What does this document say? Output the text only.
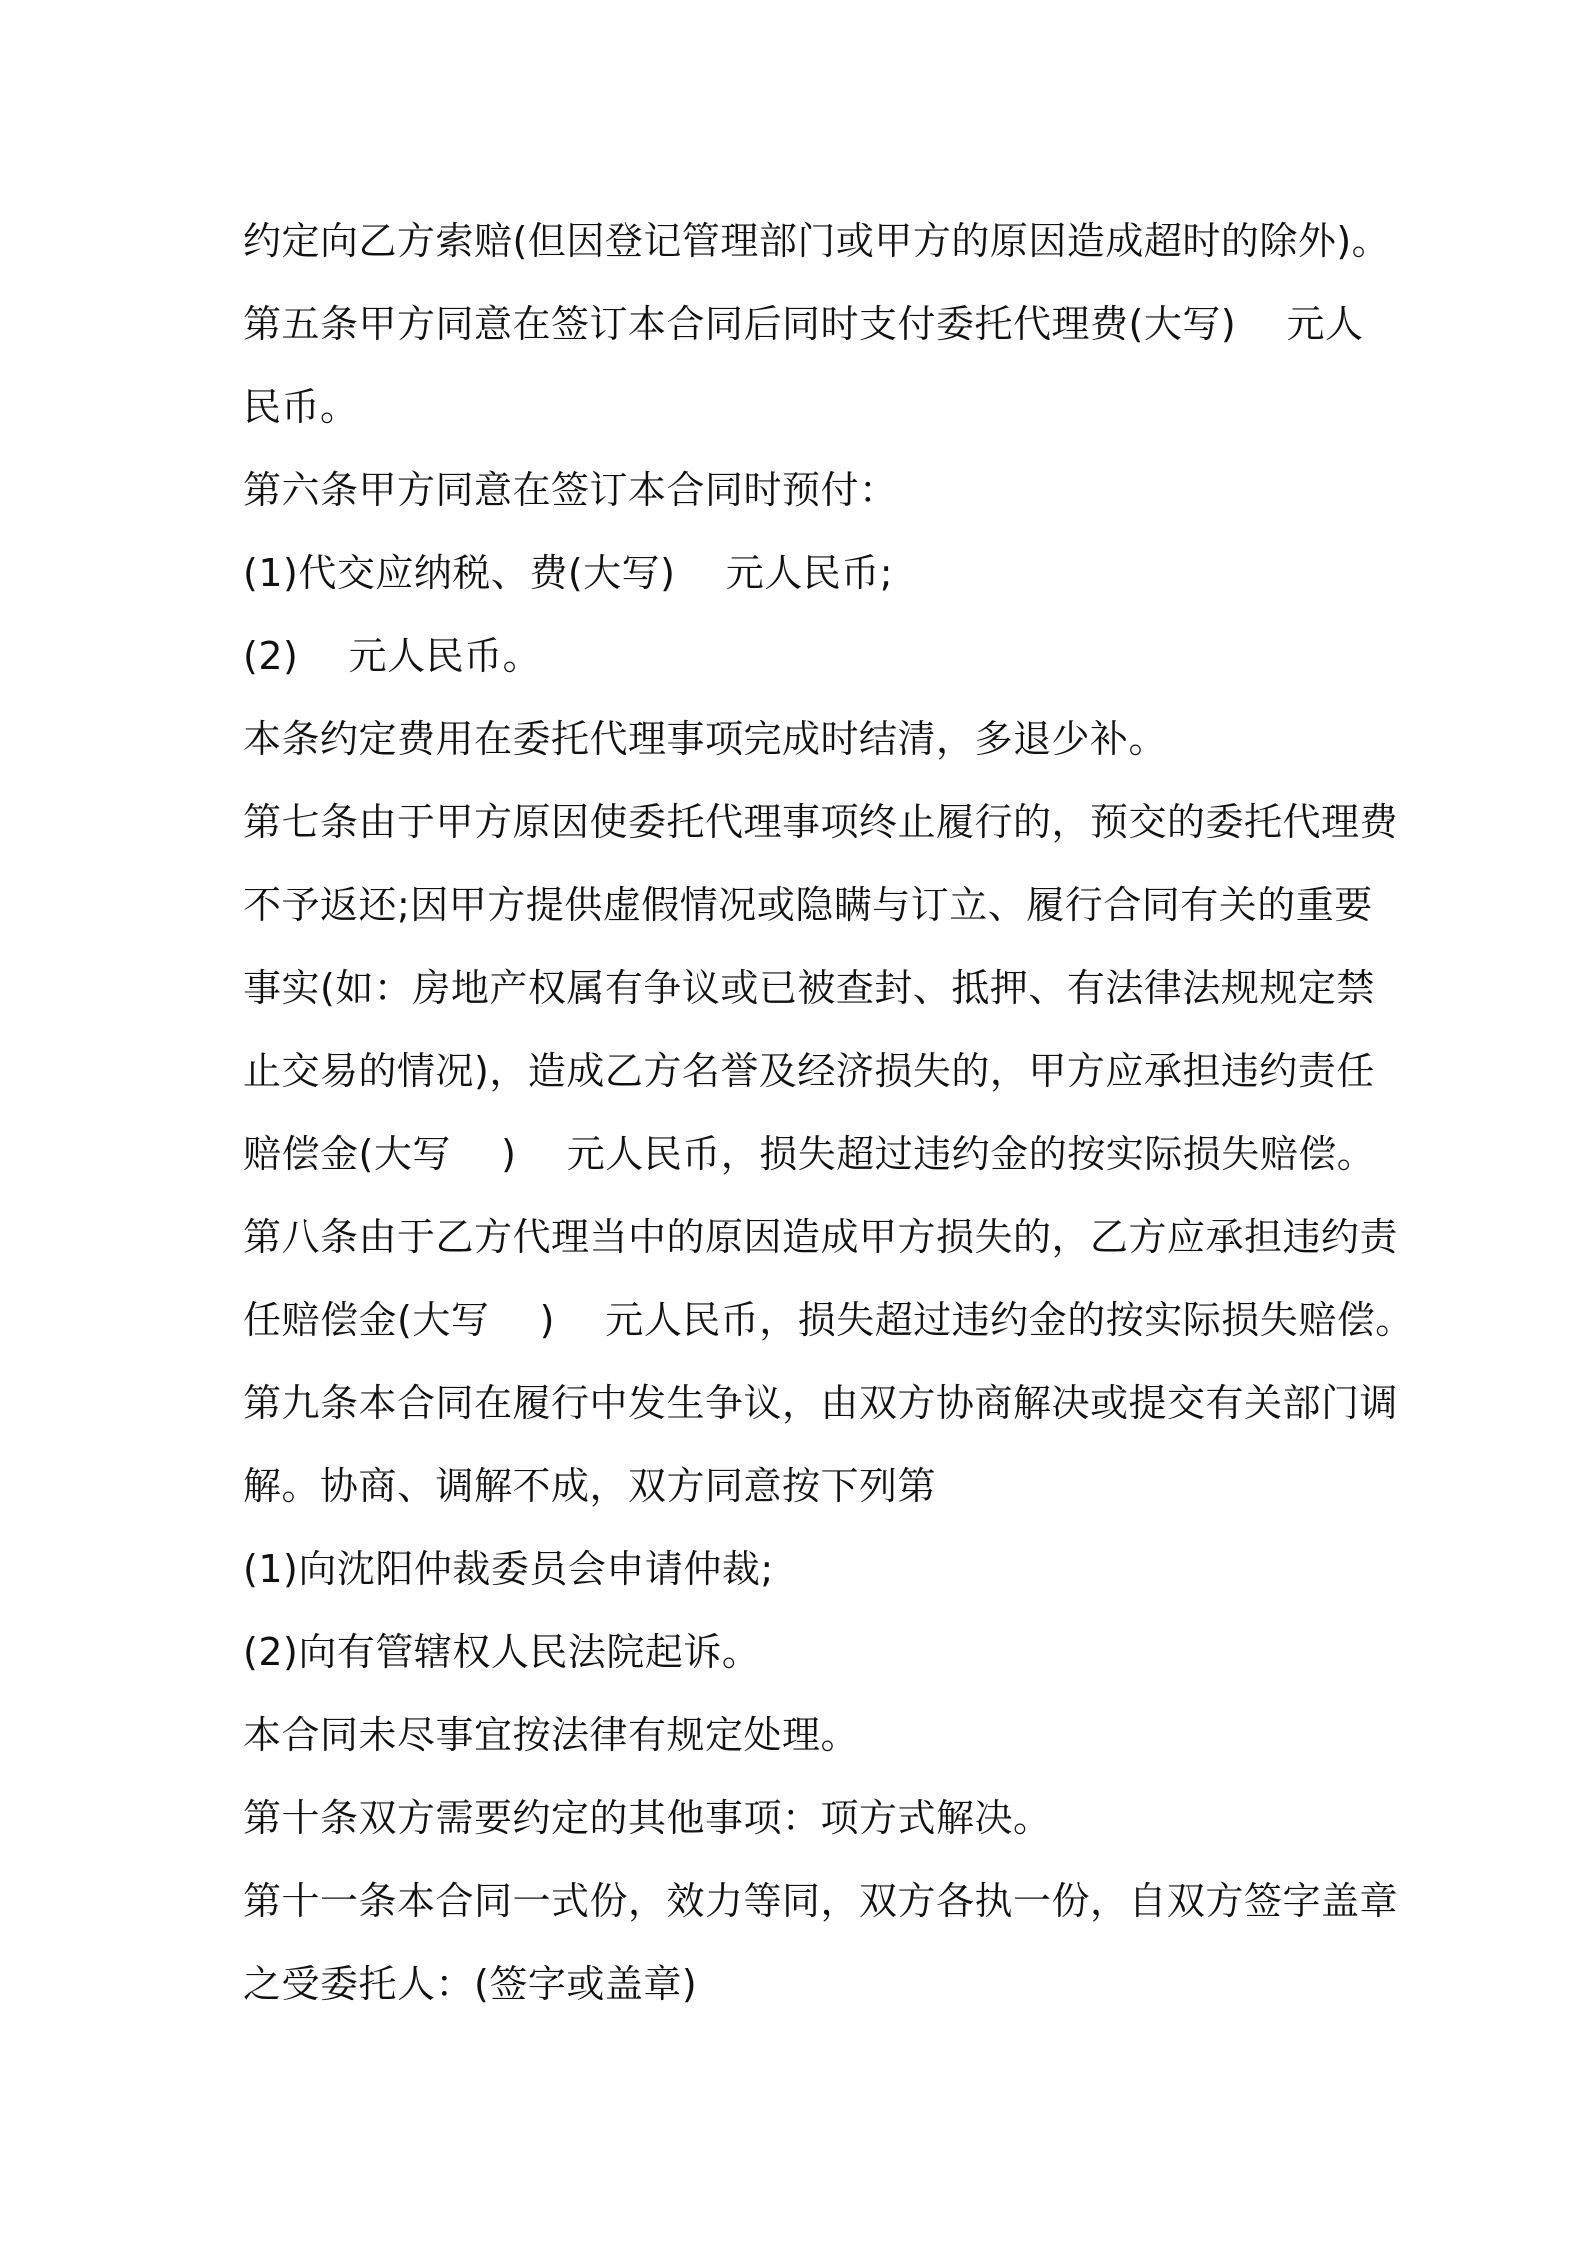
约定向乙方索赔(但因登记管理部门或甲方的原因造成超时的除外)。
第五条甲方同意在签订本合同后同时支付委托代理费(大写)    元人
民币。
第六条甲方同意在签订本合同时预付：
(1)代交应纳税、费(大写)    元人民币;
(2)    元人民币。
本条约定费用在委托代理事项完成时结清，多退少补。
第七条由于甲方原因使委托代理事项终止履行的，预交的委托代理费
不予返还;因甲方提供虚假情况或隐瞒与订立、履行合同有关的重要
事实(如：房地产权属有争议或已被查封、抵押、有法律法规规定禁
止交易的情况)，造成乙方名誉及经济损失的，甲方应承担违约责任
赔偿金(大写    )    元人民币，损失超过违约金的按实际损失赔偿。
第八条由于乙方代理当中的原因造成甲方损失的，乙方应承担违约责
任赔偿金(大写    )    元人民币，损失超过违约金的按实际损失赔偿。
第九条本合同在履行中发生争议，由双方协商解决或提交有关部门调
解。协商、调解不成，双方同意按下列第
(1)向沈阳仲裁委员会申请仲裁;
(2)向有管辖权人民法院起诉。
本合同未尽事宜按法律有规定处理。
第十条双方需要约定的其他事项：项方式解决。
第十一条本合同一式份，效力等同，双方各执一份，自双方签字盖章
之受委托人：(签字或盖章)
